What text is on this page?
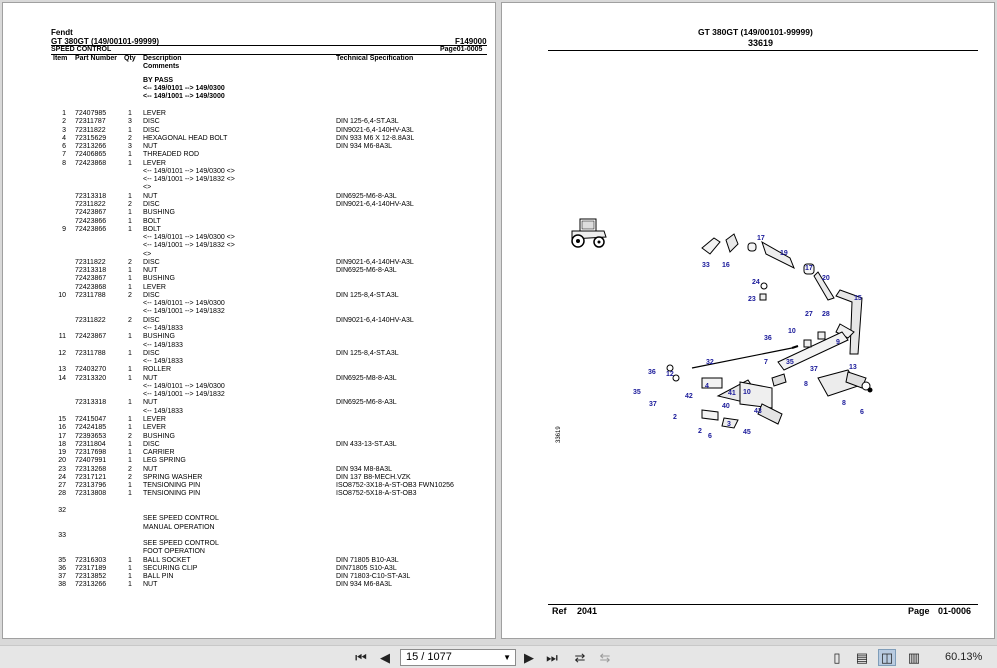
Fendt
GT 380GT (149/00101-99999)	F149000
SPEED CONTROL	Page01-0005
Item Part Number Qty Description
Comments
Technical Specification
BY PASS
<-- 149/0101 --> 149/0300
<-- 149/1001 --> 149/3000
1 72407985	1 LEVER
2 72311787	3 DISC	DIN 125-6,4-ST.A3L
3 72311822	1 DISC	DIN9021-6,4-140HV-A3L
4 72315629	2 HEXAGONAL HEAD BOLT	DIN 933 M6 X 12-8.8A3L
6 72313266	3 NUT	DIN 934 M6-8A3L
7 72406865	1 THREADED ROD
8 72423868	1 LEVER
<-- 149/0101 --> 149/0300 <>
<-- 149/1001 --> 149/1832 <>
<>
72313318	1 NUT	DIN6925-M6-8-A3L
72311822	2 DISC	DIN9021-6,4-140HV-A3L
72423867	1 BUSHING
72423866	1 BOLT
9 72423866	1 BOLT
<-- 149/0101 --> 149/0300 <>
<-- 149/1001 --> 149/1832 <>
<>
72311822	2 DISC	DIN9021-6,4-140HV-A3L
72313318	1 NUT	DIN6925-M6-8-A3L
72423867	1 BUSHING
72423868	1 LEVER
10 72311788	2 DISC	DIN 125-8,4-ST.A3L
<-- 149/0101 --> 149/0300
<-- 149/1001 --> 149/1832
72311822	2 DISC	DIN9021-6,4-140HV-A3L
<-- 149/1833
11 72423867	1 BUSHING
<-- 149/1833
12 72311788	1 DISC	DIN 125-8,4-ST.A3L
<-- 149/1833
13 72403270	1 ROLLER
14 72313320	1 NUT	DIN6925-M8-8-A3L
<-- 149/0101 --> 149/0300
<-- 149/1001 --> 149/1832
72313318	1 NUT	DIN6925-M6-8-A3L
<-- 149/1833
15 72415047	1 LEVER
16 72424185	1 LEVER
17 72393653	2 BUSHING
18 72311804	1 DISC	DIN 433-13-ST.A3L
19 72317698	1 CARRIER
20 72407991	1 LEG SPRING
23 72313268	2 NUT	DIN 934 M8-8A3L
24 72317121	2 SPRING WASHER	DIN 137 B8-MECH.VZK
27 72313796	1 TENSIONING PIN	ISO8752-3X18-A-ST-OB3 FWN10256
28 72313808	1 TENSIONING PIN	ISO8752-5X18-A-ST-OB3
32
SEE SPEED CONTROL
MANUAL OPERATION
33
SEE SPEED CONTROL
FOOT OPERATION
35 72316303	1 BALL SOCKET	DIN 71805 B10-A3L
36 72317189	1 SECURING CLIP	DIN71805 S10-A3L
37 72313852	1 BALL PIN	DIN 71803-C10-ST-A3L
38 72313266	1 NUT	DIN 934 M6-8A3L
GT 380GT (149/00101-99999)
33619
17
19
33 16
24
17
20
23	15
27 28
10
36
9
32	7	35
37
8
36 12
4
13
35
42	41 10
37
2
40	8
6
43
3
2	45
6
33619
Ref 2041	Page 01-0006
⏮	◀	15 / 1077	▼	▶ ⏭ ⇄ ⇆	▯	▤ ◫ ▥ 60.13%
